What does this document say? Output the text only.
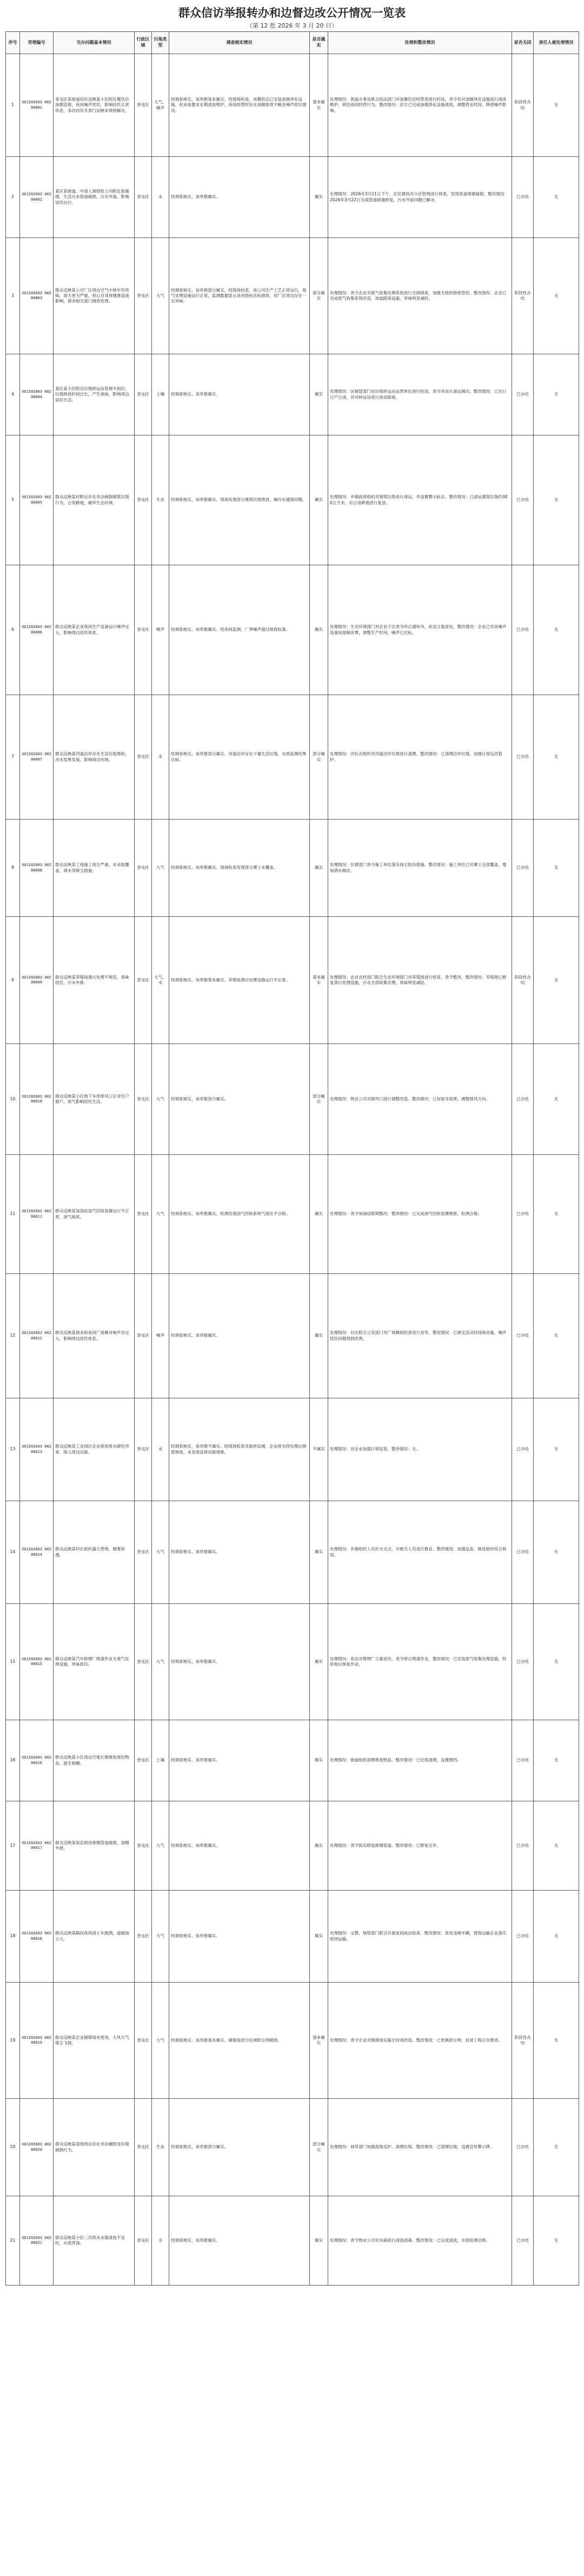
群众信访举报转办和边督边改公开情况一览表
（第 12 批 2026 年 3 月 20 日）
序号	受理编号	交办问题基本情况	行政区域	污染类型	调查核实情况	是否属实	处理和整改情况	是否关闭	责任人被处理情况
1	X0J202603 00200001	奎屯区某街道居民反映某小区附近餐饮店油烟直排，夜间噪声扰民，影响居民正常休息，多次向有关部门反映未得到解决。	奎屯区	大气、噪声	经调查核实，该举报基本属实。经现场检查，该餐饮店已安装油烟净化设施，但未按要求定期清洗维护，夜间经营时存在油烟排放不畅及噪声扰民情况。	基本属实	处理情况：街道办事处联合执法部门对该餐饮店经营者进行约谈，责令其对油烟净化设施进行清洗维护，规范夜间经营行为。整改情况：店方已完成油烟净化设施清洗，调整营业时间，降低噪声影响。	阶段性办结	无
2	X0J202603 00200002	某区某街道，中国人保财险公司附近家属楼，生活污水管道破损，污水外溢，影响居民出行。	奎屯区	水	经调查核实，该举报属实。	属实	处理情况：2026年3月21日下午，区住建局对小区管网进行排查，发现管道堵塞破损。整改情况：2026年3月22日完成管道疏通修复，污水外溢问题已解决。	已办结	无
3	X0J202603 00200003	群众反映某公司厂区周边空气中常年有异味，雨天更为严重，担心对身体健康造成影响，请求相关部门调查处理。	奎屯区	大气	经调查核实，该举报部分属实。经现场检查，该公司生产工艺正常运行，废气处理设施运行正常，监测数据显示各项指标达标排放，但厂区周边存在一定异味。	部分属实	处理情况：责令企业对废气收集处理系统进行全面排查，加强无组织排放管控。整改情况：企业已完成废气收集系统改造，加装除臭设施，异味明显减轻。	阶段性办结	无
4	X0J202603 00200004	某区某小区附近垃圾转运站管理不到位，垃圾堆放时间过长，产生臭味，影响周边居民生活。	奎屯区	土壤	经调查核实，该举报属实。	属实	处理情况：区城管部门对垃圾转运站运营单位进行约谈，责令其加大清运频次。整改情况：已实行日产日清，并对转运站进行消杀除臭。	已办结	无
5	X0J202603 00200005	群众反映某村附近存在非法倾倒建筑垃圾行为，占用耕地，破坏生态环境。	奎屯区	生态	经调查核实，该举报属实。现场发现部分建筑垃圾堆放，属历史遗留问题。	属实	处理情况：乡镇政府组织对建筑垃圾进行清运，并设置警示标志。整改情况：已清运建筑垃圾约300立方米，对占用耕地进行复垦。	已办结	无
6	X0J202603 00200006	群众反映某企业夜间生产设备运行噪声过大，影响周边居民休息。	奎屯区	噪声	经调查核实，该举报属实。经夜间监测，厂界噪声超过排放标准。	属实	处理情况：生态环境部门对企业下达责令改正通知书，依法立案查处。整改情况：企业已对高噪声设备加装隔音罩，调整生产时间，噪声已达标。	已办结	无
7	X0J202603 00200007	群众反映某河道沿岸存在生活垃圾堆积，河水发黑发臭，影响周边环境。	奎屯区	水	经调查核实，该举报部分属实。河道沿岸存在少量生活垃圾，水质监测结果达标。	部分属实	处理情况：河长办组织对河道沿岸垃圾进行清理。整改情况：已清理沿岸垃圾，加强日常巡河管护。	已办结	无
8	X0J202603 00200008	群众反映某工地施工扬尘严重，未采取覆盖、洒水等降尘措施。	奎屯区	大气	经调查核实，该举报属实。现场检查发现部分裸土未覆盖。	属实	处理情况：住建部门责令施工单位落实扬尘防治措施。整改情况：施工单位已对裸土全部覆盖，增加洒水频次。	已办结	无
9	X0J202603 00200009	群众反映某养殖场粪污处理不规范，臭味扰民，污水外排。	奎屯区	大气、水	经调查核实，该举报基本属实。养殖场粪污处理设施运行不正常。	基本属实	处理情况：农业农村部门联合生态环境部门对养殖场进行检查，责令整改。整改情况：养殖场已修复粪污处理设施，污水全部收集处理，臭味明显减轻。	阶段性办结	无
10	X0J202603 00200010	群众反映某小区地下车库排风口正对住户窗户，废气影响居民生活。	奎屯区	大气	经调查核实，该举报部分属实。	部分属实	处理情况：物业公司对排风口进行调整改造。整改情况：已加装导流罩，调整排风方向。	已办结	无
11	X0J202603 00200011	群众反映某加油站油气回收装置运行不正常，油气味浓。	奎屯区	大气	经调查核实，该举报属实。检测发现油气回收系统气液比不合格。	属实	处理情况：责令加油站限期整改。整改情况：已完成油气回收装置维修，检测合格。	已办结	无
12	X0J202603 00200012	群众反映某商业街夜间广场舞音响声音过大，影响周边居民休息。	奎屯区	噪声	经调查核实，该举报属实。	属实	处理情况：社区联合公安部门对广场舞组织者进行劝导。整改情况：已规定活动时间和音量，噪声扰民问题得到改善。	已办结	无
13	X0J202603 00200013	群众反映某工业园区企业排放废水颜色异常，排入周边沟渠。	奎屯区	水	经调查核实，该举报不属实。经现场检查及取样监测，企业废水经处理后纳管排放，未发现直排沟渠现象。	不属实	处理情况：对企业加强日常监管。整改情况：无。	已办结	无
14	X0J202603 00200014	群众反映某村庄秸秆露天焚烧，烟雾弥漫。	奎屯区	大气	经调查核实，该举报属实。	属实	处理情况：乡镇组织人员扑灭火点，对相关人员进行教育。整改情况：加强巡查，推进秸秆综合利用。	已办结	无
15	X0J202603 00200015	群众反映某汽车修理厂喷漆作业无废气处理设施，异味扰民。	奎屯区	大气	经调查核实，该举报属实。	属实	处理情况：依法对修理厂立案查处，责令停止喷漆作业。整改情况：已安装废气收集处理设施，经验收后恢复作业。	已办结	无
16	X0J202603 00200016	群众反映某小区周边空地长期堆放废旧物品，滋生蚊蝇。	奎屯区	土壤	经调查核实，该举报属实。	属实	处理情况：街道组织清理堆放物品。整改情况：已全部清理，设置围挡。	已办结	无
17	X0J202603 00200017	群众反映某饭店厨房排烟管道破损，油烟外泄。	奎屯区	大气	经调查核实，该举报属实。	属实	处理情况：责令饭店修复排烟管道。整改情况：已修复完毕。	已办结	无
18	X0J202603 00200018	群众反映某路段夜间渣土车抛洒，道路扬尘大。	奎屯区	大气	经调查核实，该举报属实。	属实	处理情况：交警、城管部门联合开展夜间执法检查。整改情况：查处违规车辆，督促运输企业落实密闭运输。	已办结	无
19	X0J202603 00200019	群众反映某企业储煤场未密闭，大风天气煤尘飞扬。	奎屯区	大气	经调查核实，该举报基本属实。储煤场部分区域防尘网破损。	基本属实	处理情况：责令企业对储煤场实施全封闭改造。整改情况：已更换防尘网，封闭工程正在推进。	阶段性办结	无
20	X0J202603 00200020	群众反映某湿地周边存在非法捕捞及垃圾倾倒行为。	奎屯区	生态	经调查核实，该举报部分属实。	部分属实	处理情况：林草部门加强湿地巡护，清理垃圾。整改情况：已清理垃圾，设置宣传警示牌。	已办结	无
21	X0J202603 00200021	群众反映某小区二次供水水箱清洗不及时，水质浑浊。	奎屯区	水	经调查核实，该举报属实。	属实	处理情况：责令物业公司对水箱进行清洗消毒。整改情况：已完成清洗，水质检测合格。	已办结	无
